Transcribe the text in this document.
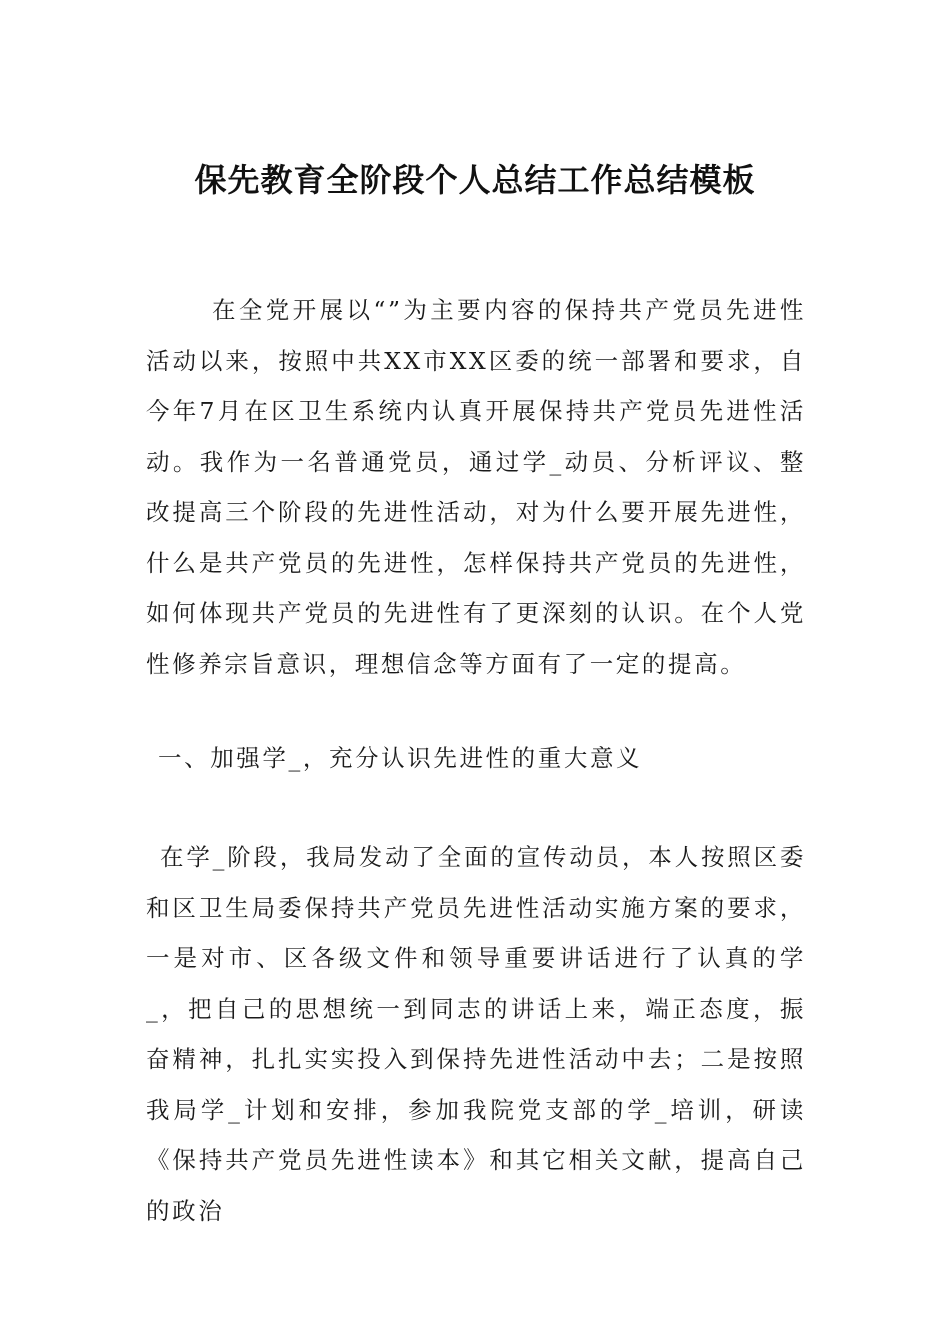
保先教育全阶段个人总结工作总结模板

在全党开展以“”为主要内容的保持共产党员先进性活动以来，按照中共XX市XX区委的统一部署和要求，自今年7月在区卫生系统内认真开展保持共产党员先进性活动。我作为一名普通党员，通过学_动员、分析评议、整改提高三个阶段的先进性活动，对为什么要开展先进性，什么是共产党员的先进性，怎样保持共产党员的先进性，如何体现共产党员的先进性有了更深刻的认识。在个人党性修养宗旨意识，理想信念等方面有了一定的提高。

一、加强学_，充分认识先进性的重大意义

在学_阶段，我局发动了全面的宣传动员，本人按照区委和区卫生局委保持共产党员先进性活动实施方案的要求，一是对市、区各级文件和领导重要讲话进行了认真的学_，把自己的思想统一到同志的讲话上来，端正态度，振奋精神，扎扎实实投入到保持先进性活动中去；二是按照我局学_计划和安排，参加我院党支部的学_培训，研读《保持共产党员先进性读本》和其它相关文献，提高自己的政治
